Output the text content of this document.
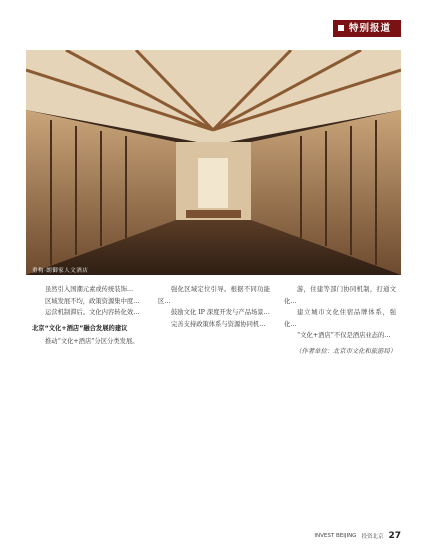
特别报道
重构·朗御家人文酒店

虽然引入国潮元素或传统装饰…

区域发展不均，政策资源集中度…

运营机制滞后。文化内容转化效…

北京“文化+酒店”融合发展的建议

推动“文化+酒店”分区分类发展。

强化区域定位引导。根据不同功能区…

鼓励文化 IP 深度开发与产品场景…

完善支持政策体系与资源协同机…

游，住建等部门协同机制，打通文化…

建立城市文化住宿品牌体系，强化…

“文化+酒店”不仅是酒店业态的…

（作者单位：北京市文化和旅游局）

INVEST BEIJING 投资北京 27
